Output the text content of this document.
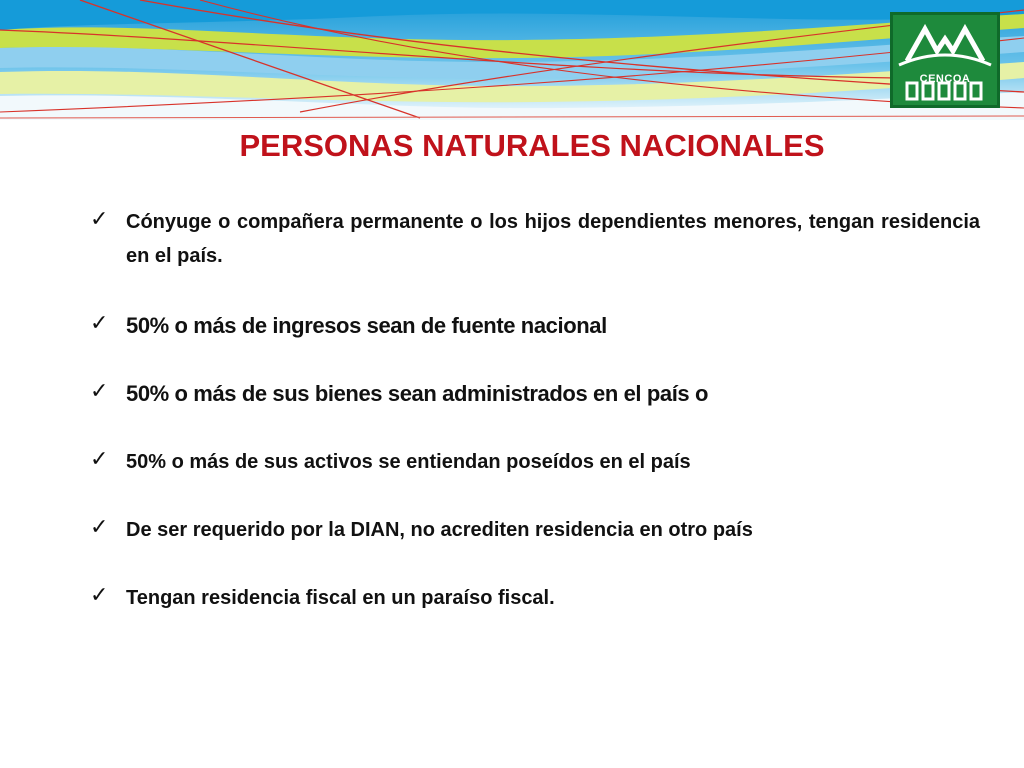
CENCOA
PERSONAS NATURALES NACIONALES
✓ Cónyuge o compañera permanente o los hijos dependientes menores, tengan residencia en el país.
✓ 50% o más de ingresos sean de fuente nacional
✓ 50% o más de sus bienes sean administrados en el país o
✓ 50% o más de sus activos se entiendan poseídos en el país
✓ De ser requerido por la DIAN, no acrediten residencia en otro país
✓ Tengan residencia fiscal en un paraíso fiscal.
